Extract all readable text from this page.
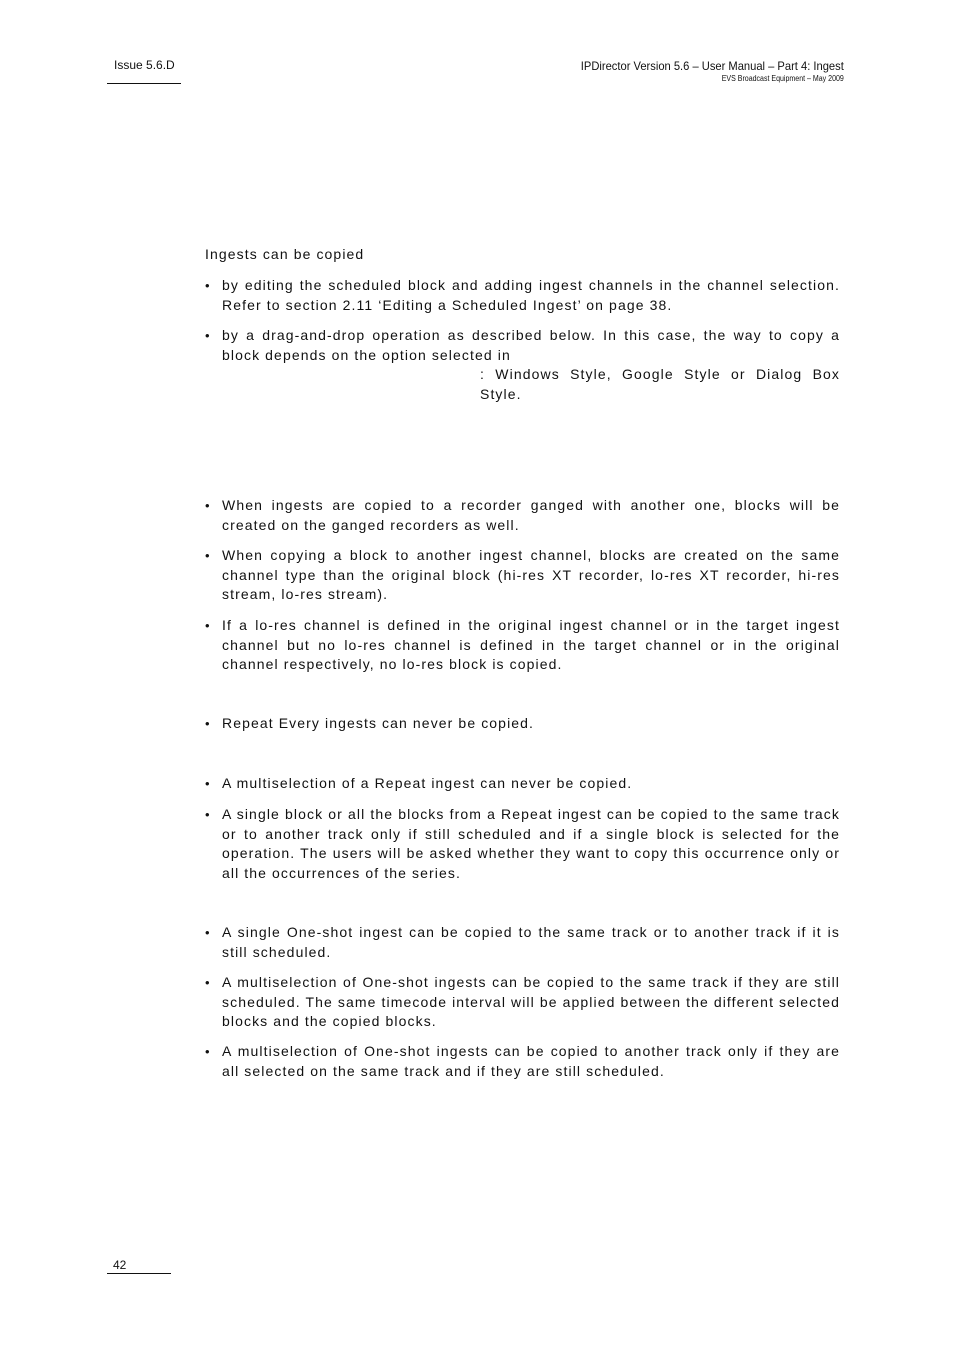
Issue 5.6.D	IPDirector Version 5.6 – User Manual – Part 4: Ingest
EVS Broadcast Equipment – May 2009
Ingests can be copied
• by editing the scheduled block and adding ingest channels in the channel selection. Refer to section 2.11 ‘Editing a Scheduled Ingest’ on page 38.
• by a drag-and-drop operation as described below. In this case, the way to copy a block depends on the option selected in
: Windows Style, Google Style or Dialog Box Style.
• When ingests are copied to a recorder ganged with another one, blocks will be created on the ganged recorders as well.
• When copying a block to another ingest channel, blocks are created on the same channel type than the original block (hi-res XT recorder, lo-res XT recorder, hi-res stream, lo-res stream).
• If a lo-res channel is defined in the original ingest channel or in the target ingest channel but no lo-res channel is defined in the target channel or in the original channel respectively, no lo-res block is copied.
• Repeat Every ingests can never be copied.
• A multiselection of a Repeat ingest can never be copied.
• A single block or all the blocks from a Repeat ingest can be copied to the same track or to another track only if still scheduled and if a single block is selected for the operation. The users will be asked whether they want to copy this occurrence only or all the occurrences of the series.
• A single One-shot ingest can be copied to the same track or to another track if it is still scheduled.
• A multiselection of One-shot ingests can be copied to the same track if they are still scheduled. The same timecode interval will be applied between the different selected blocks and the copied blocks.
• A multiselection of One-shot ingests can be copied to another track only if they are all selected on the same track and if they are still scheduled.
42
